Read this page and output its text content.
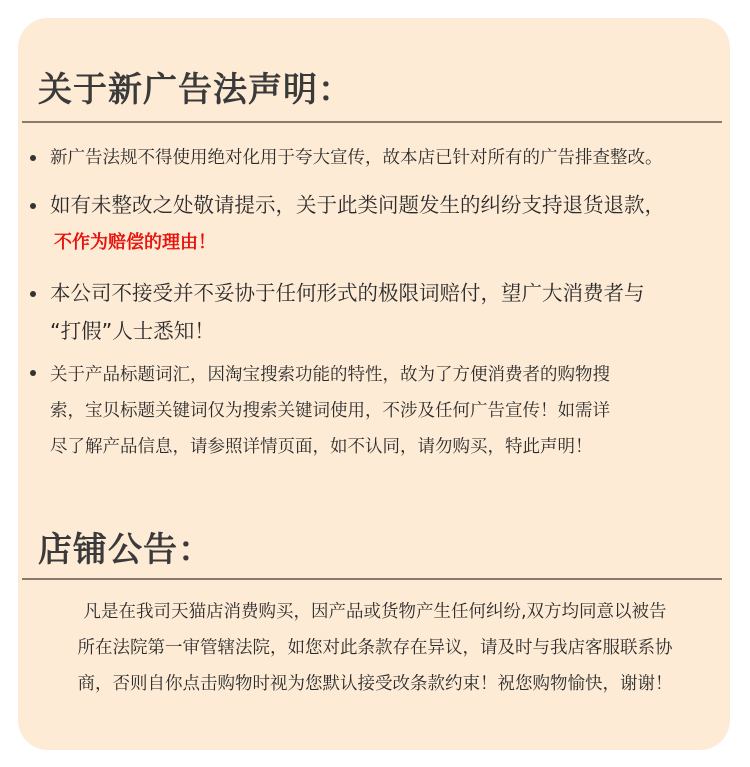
关于新广告法声明：
新广告法规不得使用绝对化用于夸大宣传，故本店已针对所有的广告排查整改。
如有未整改之处敬请提示，关于此类问题发生的纠纷支持退货退款，
不作为赔偿的理由！
本公司不接受并不妥协于任何形式的极限词赔付，望广大消费者与
“打假”人士悉知！
关于产品标题词汇，因淘宝搜索功能的特性，故为了方便消费者的购物搜
索，宝贝标题关键词仅为搜索关键词使用，不涉及任何广告宣传！如需详
尽了解产品信息，请参照详情页面，如不认同，请勿购买，特此声明！
店铺公告：
凡是在我司天猫店消费购买，因产品或货物产生任何纠纷,双方均同意以被告
所在法院第一审管辖法院，如您对此条款存在异议，请及时与我店客服联系协
商，否则自你点击购物时视为您默认接受改条款约束！祝您购物愉快，谢谢！
